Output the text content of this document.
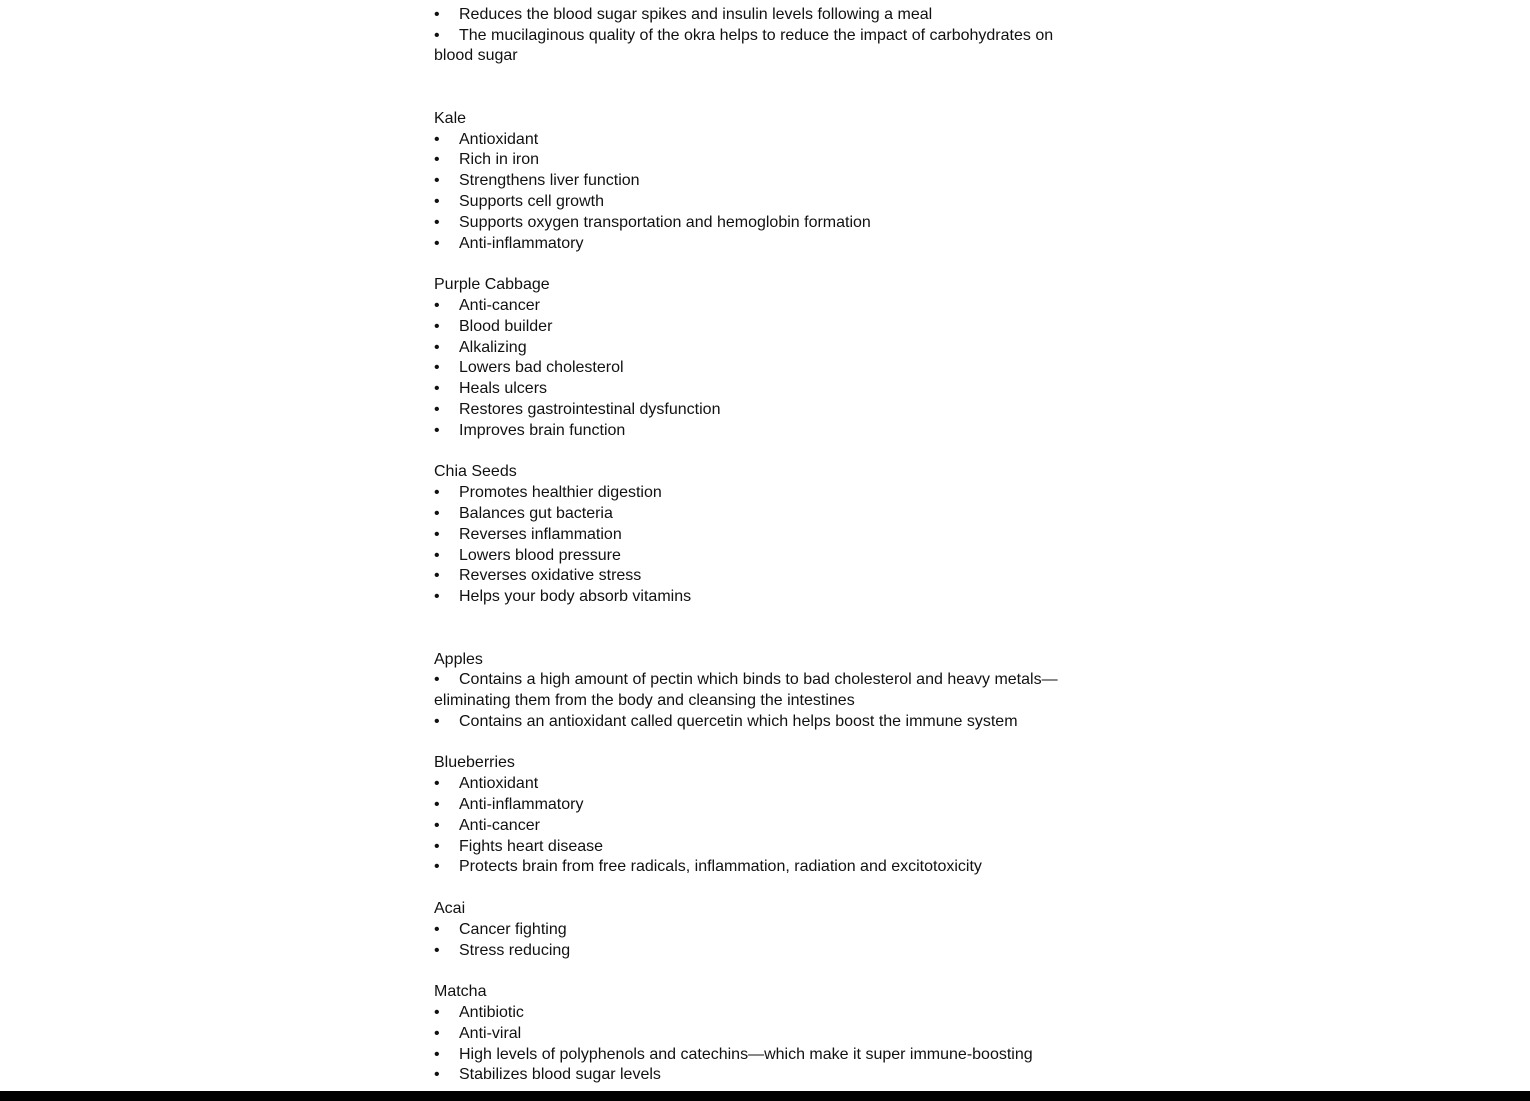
• Reduces the blood sugar spikes and insulin levels following a meal
• The mucilaginous quality of the okra helps to reduce the impact of carbohydrates on blood sugar
Kale
• Antioxidant
• Rich in iron
• Strengthens liver function
• Supports cell growth
• Supports oxygen transportation and hemoglobin formation
• Anti-inflammatory
Purple Cabbage
• Anti-cancer
• Blood builder
• Alkalizing
• Lowers bad cholesterol
• Heals ulcers
• Restores gastrointestinal dysfunction
• Improves brain function
Chia Seeds
• Promotes healthier digestion
• Balances gut bacteria
• Reverses inflammation
• Lowers blood pressure
• Reverses oxidative stress
• Helps your body absorb vitamins
Apples
• Contains a high amount of pectin which binds to bad cholesterol and heavy metals—eliminating them from the body and cleansing the intestines
• Contains an antioxidant called quercetin which helps boost the immune system
Blueberries
• Antioxidant
• Anti-inflammatory
• Anti-cancer
• Fights heart disease
• Protects brain from free radicals, inflammation, radiation and excitotoxicity
Acai
• Cancer fighting
• Stress reducing
Matcha
• Antibiotic
• Anti-viral
• High levels of polyphenols and catechins—which make it super immune-boosting
• Stabilizes blood sugar levels
